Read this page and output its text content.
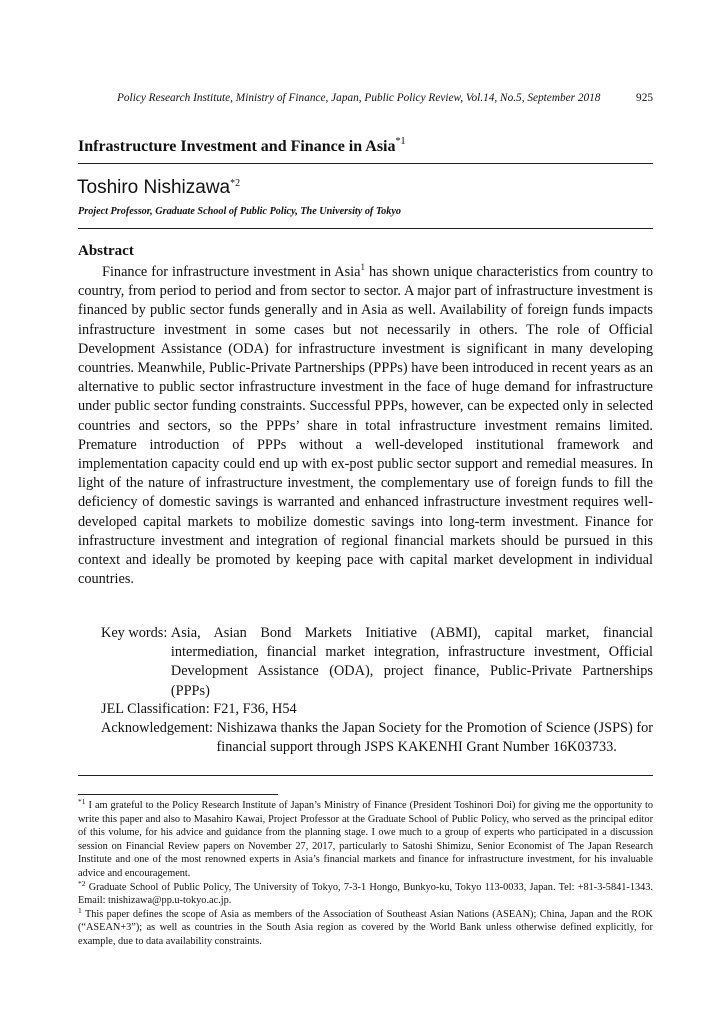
Policy Research Institute, Ministry of Finance, Japan, Public Policy Review, Vol.14, No.5, September 2018	925
Infrastructure Investment and Finance in Asia$^{*1}$
Toshiro Nishizawa$^{*2}$
Project Professor, Graduate School of Public Policy, The University of Tokyo
Abstract

Finance for infrastructure investment in Asia$^1$ has shown unique characteristics from country to country, from period to period and from sector to sector. A major part of infrastructure investment is financed by public sector funds generally and in Asia as well. Availability of foreign funds impacts infrastructure investment in some cases but not necessarily in others. The role of Official Development Assistance (ODA) for infrastructure investment is significant in many developing countries. Meanwhile, Public-Private Partnerships (PPPs) have been introduced in recent years as an alternative to public sector infrastructure investment in the face of huge demand for infrastructure under public sector funding constraints. Successful PPPs, however, can be expected only in selected countries and sectors, so the PPPs’ share in total infrastructure investment remains limited. Premature introduction of PPPs without a well-developed institutional framework and implementation capacity could end up with ex-post public sector support and remedial measures. In light of the nature of infrastructure investment, the complementary use of foreign funds to fill the deficiency of domestic savings is warranted and enhanced infrastructure investment requires well-developed capital markets to mobilize domestic savings into long-term investment. Finance for infrastructure investment and integration of regional financial markets should be pursued in this context and ideally be promoted by keeping pace with capital market development in individual countries.

Key words: Asia, Asian Bond Markets Initiative (ABMI), capital market, financial intermediation, financial market integration, infrastructure investment, Official Development Assistance (ODA), project finance, Public-Private Partnerships (PPPs)
JEL Classification: F21, F36, H54
Acknowledgement: Nishizawa thanks the Japan Society for the Promotion of Science (JSPS) for financial support through JSPS KAKENHI Grant Number 16K03733.

$^{*1}$ I am grateful to the Policy Research Institute of Japan’s Ministry of Finance (President Toshinori Doi) for giving me the opportunity to write this paper and also to Masahiro Kawai, Project Professor at the Graduate School of Public Policy, who served as the principal editor of this volume, for his advice and guidance from the planning stage. I owe much to a group of experts who participated in a discussion session on Financial Review papers on November 27, 2017, particularly to Satoshi Shimizu, Senior Economist of The Japan Research Institute and one of the most renowned experts in Asia’s financial markets and finance for infrastructure investment, for his invaluable advice and encouragement.

$^{*2}$ Graduate School of Public Policy, The University of Tokyo, 7-3-1 Hongo, Bunkyo-ku, Tokyo 113-0033, Japan. Tel: +81-3-5841-1343. Email: tnishizawa@pp.u-tokyo.ac.jp.

$^1$ This paper defines the scope of Asia as members of the Association of Southeast Asian Nations (ASEAN); China, Japan and the ROK (“ASEAN+3”); as well as countries in the South Asia region as covered by the World Bank unless otherwise defined explicitly, for example, due to data availability constraints.
